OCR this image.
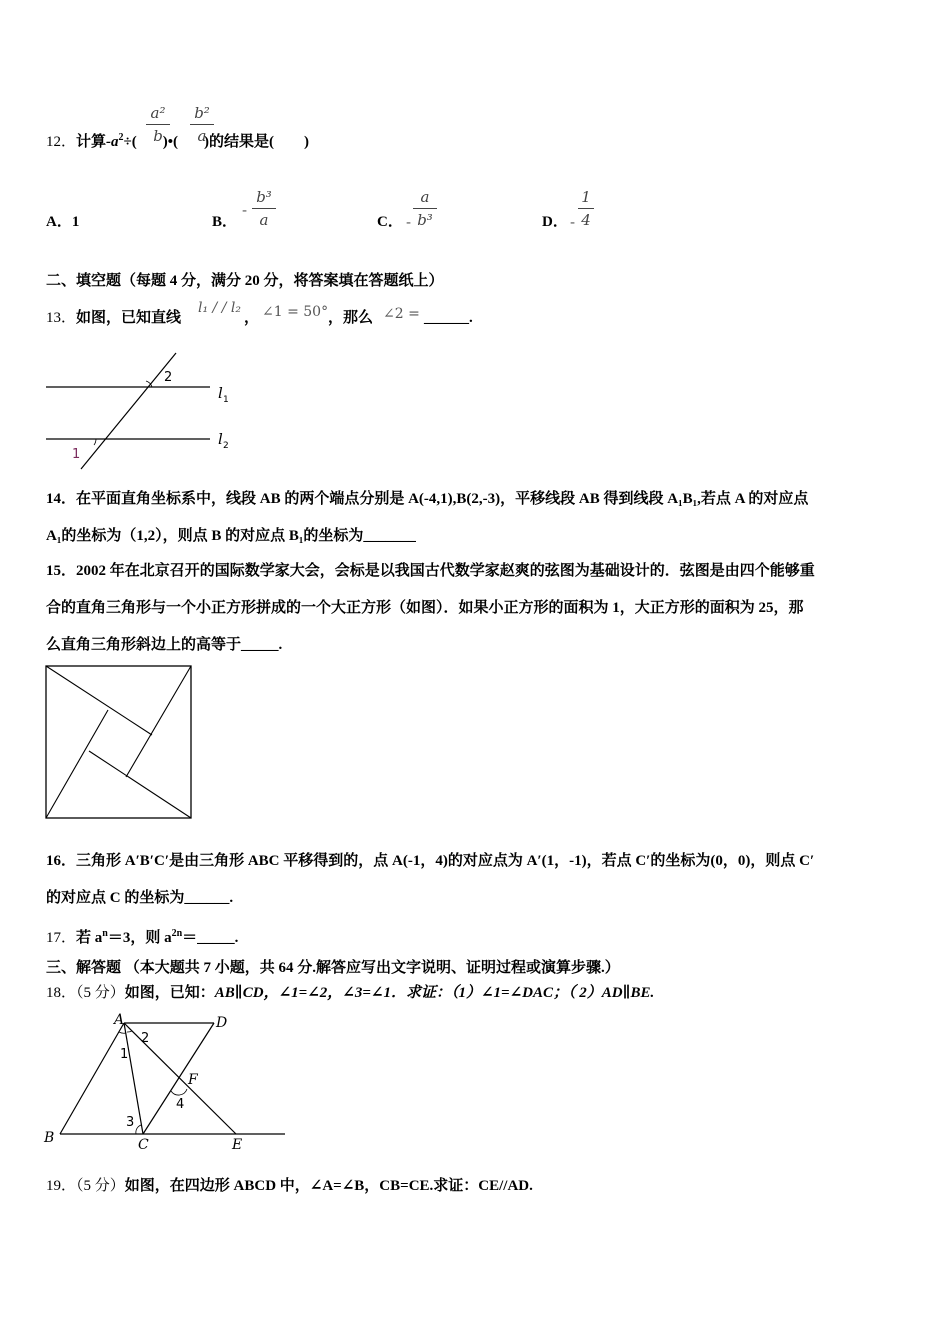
12．计算$-a^2\div$( )•( )的结果是(　　)
a²
b
b²
a
A．1	B．
-
b³
a	C． -
a
b³	D． -
1
4
二、填空题（每题 4 分，满分 20 分，将答案填在答题纸上）
13．如图，已知直线
l₁ / / l₂
， ∠1 = 50° ，那么 ∠2 = ______.
2
1
l 1
l 2
14．在平面直角坐标系中，线段 AB 的两个端点分别是 A(-4,1),B(2,-3)，平移线段 AB 得到线段 A₁B₁,若点 A 的对应点
A₁的坐标为（1,2），则点 B 的对应点 B₁的坐标为_______
15．2002 年在北京召开的国际数学家大会，会标是以我国古代数学家赵爽的弦图为基础设计的．弦图是由四个能够重
合的直角三角形与一个小正方形拼成的一个大正方形（如图）．如果小正方形的面积为 1，大正方形的面积为 25，那
么直角三角形斜边上的高等于_____.
16．三角形 A′B′C′是由三角形 ABC 平移得到的，点 A(-1，4)的对应点为 A′(1，-1)，若点 C′的坐标为(0，0)，则点 C′
的对应点 C 的坐标为______.
17．若 $a^n=3$，则 $a^{2n}=\_\_\_\_\_$.
三、解答题 （本大题共 7 小题，共 64 分.解答应写出文字说明、证明过程或演算步骤.）
18．（5 分）如图，已知：AB∥CD，∠1=∠2，∠3=∠1．求证：（1）∠1=∠DAC；（ 2）AD∥BE.
A	D
B	C	E
F
1
2
3
4
19．（5 分）如图，在四边形 ABCD 中，∠A=∠B，CB=CE.求证：CE//AD.
